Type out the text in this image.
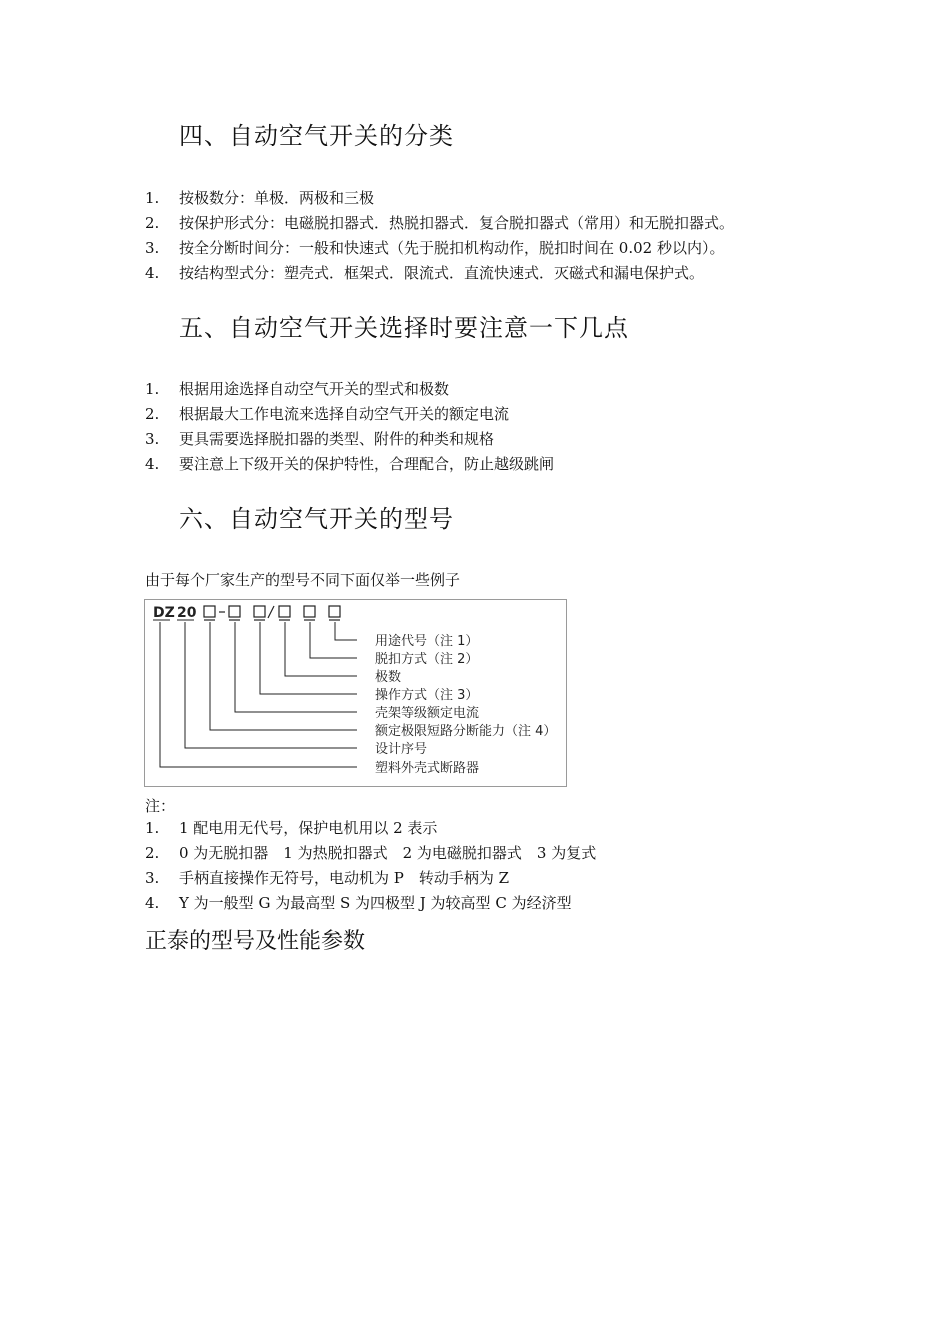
四、自动空气开关的分类
1. 按极数分：单极．两极和三极
2. 按保护形式分：电磁脱扣器式．热脱扣器式．复合脱扣器式（常用）和无脱扣器式。
3. 按全分断时间分：一般和快速式（先于脱扣机构动作，脱扣时间在 0.02 秒以内）。
4. 按结构型式分：塑壳式．框架式．限流式．直流快速式．灭磁式和漏电保护式。
五、自动空气开关选择时要注意一下几点
1. 根据用途选择自动空气开关的型式和极数
2. 根据最大工作电流来选择自动空气开关的额定电流
3. 更具需要选择脱扣器的类型、附件的种类和规格
4. 要注意上下级开关的保护特性，合理配合，防止越级跳闸
六、自动空气开关的型号

由于每个厂家生产的型号不同下面仅举一些例子

DZ 20
用途代号（注 1）
脱扣方式（注 2）
极数
操作方式（注 3）
壳架等级额定电流
额定极限短路分断能力（注 4）
设计序号
塑料外壳式断路器

注：

1. 1 配电用无代号，保护电机用以 2 表示
2. 0 为无脱扣器　1 为热脱扣器式　2 为电磁脱扣器式　3 为复式
3. 手柄直接操作无符号，电动机为 P　转动手柄为 Z
4. Y 为一般型 G 为最高型 S 为四极型 J 为较高型 C 为经济型

正泰的型号及性能参数
